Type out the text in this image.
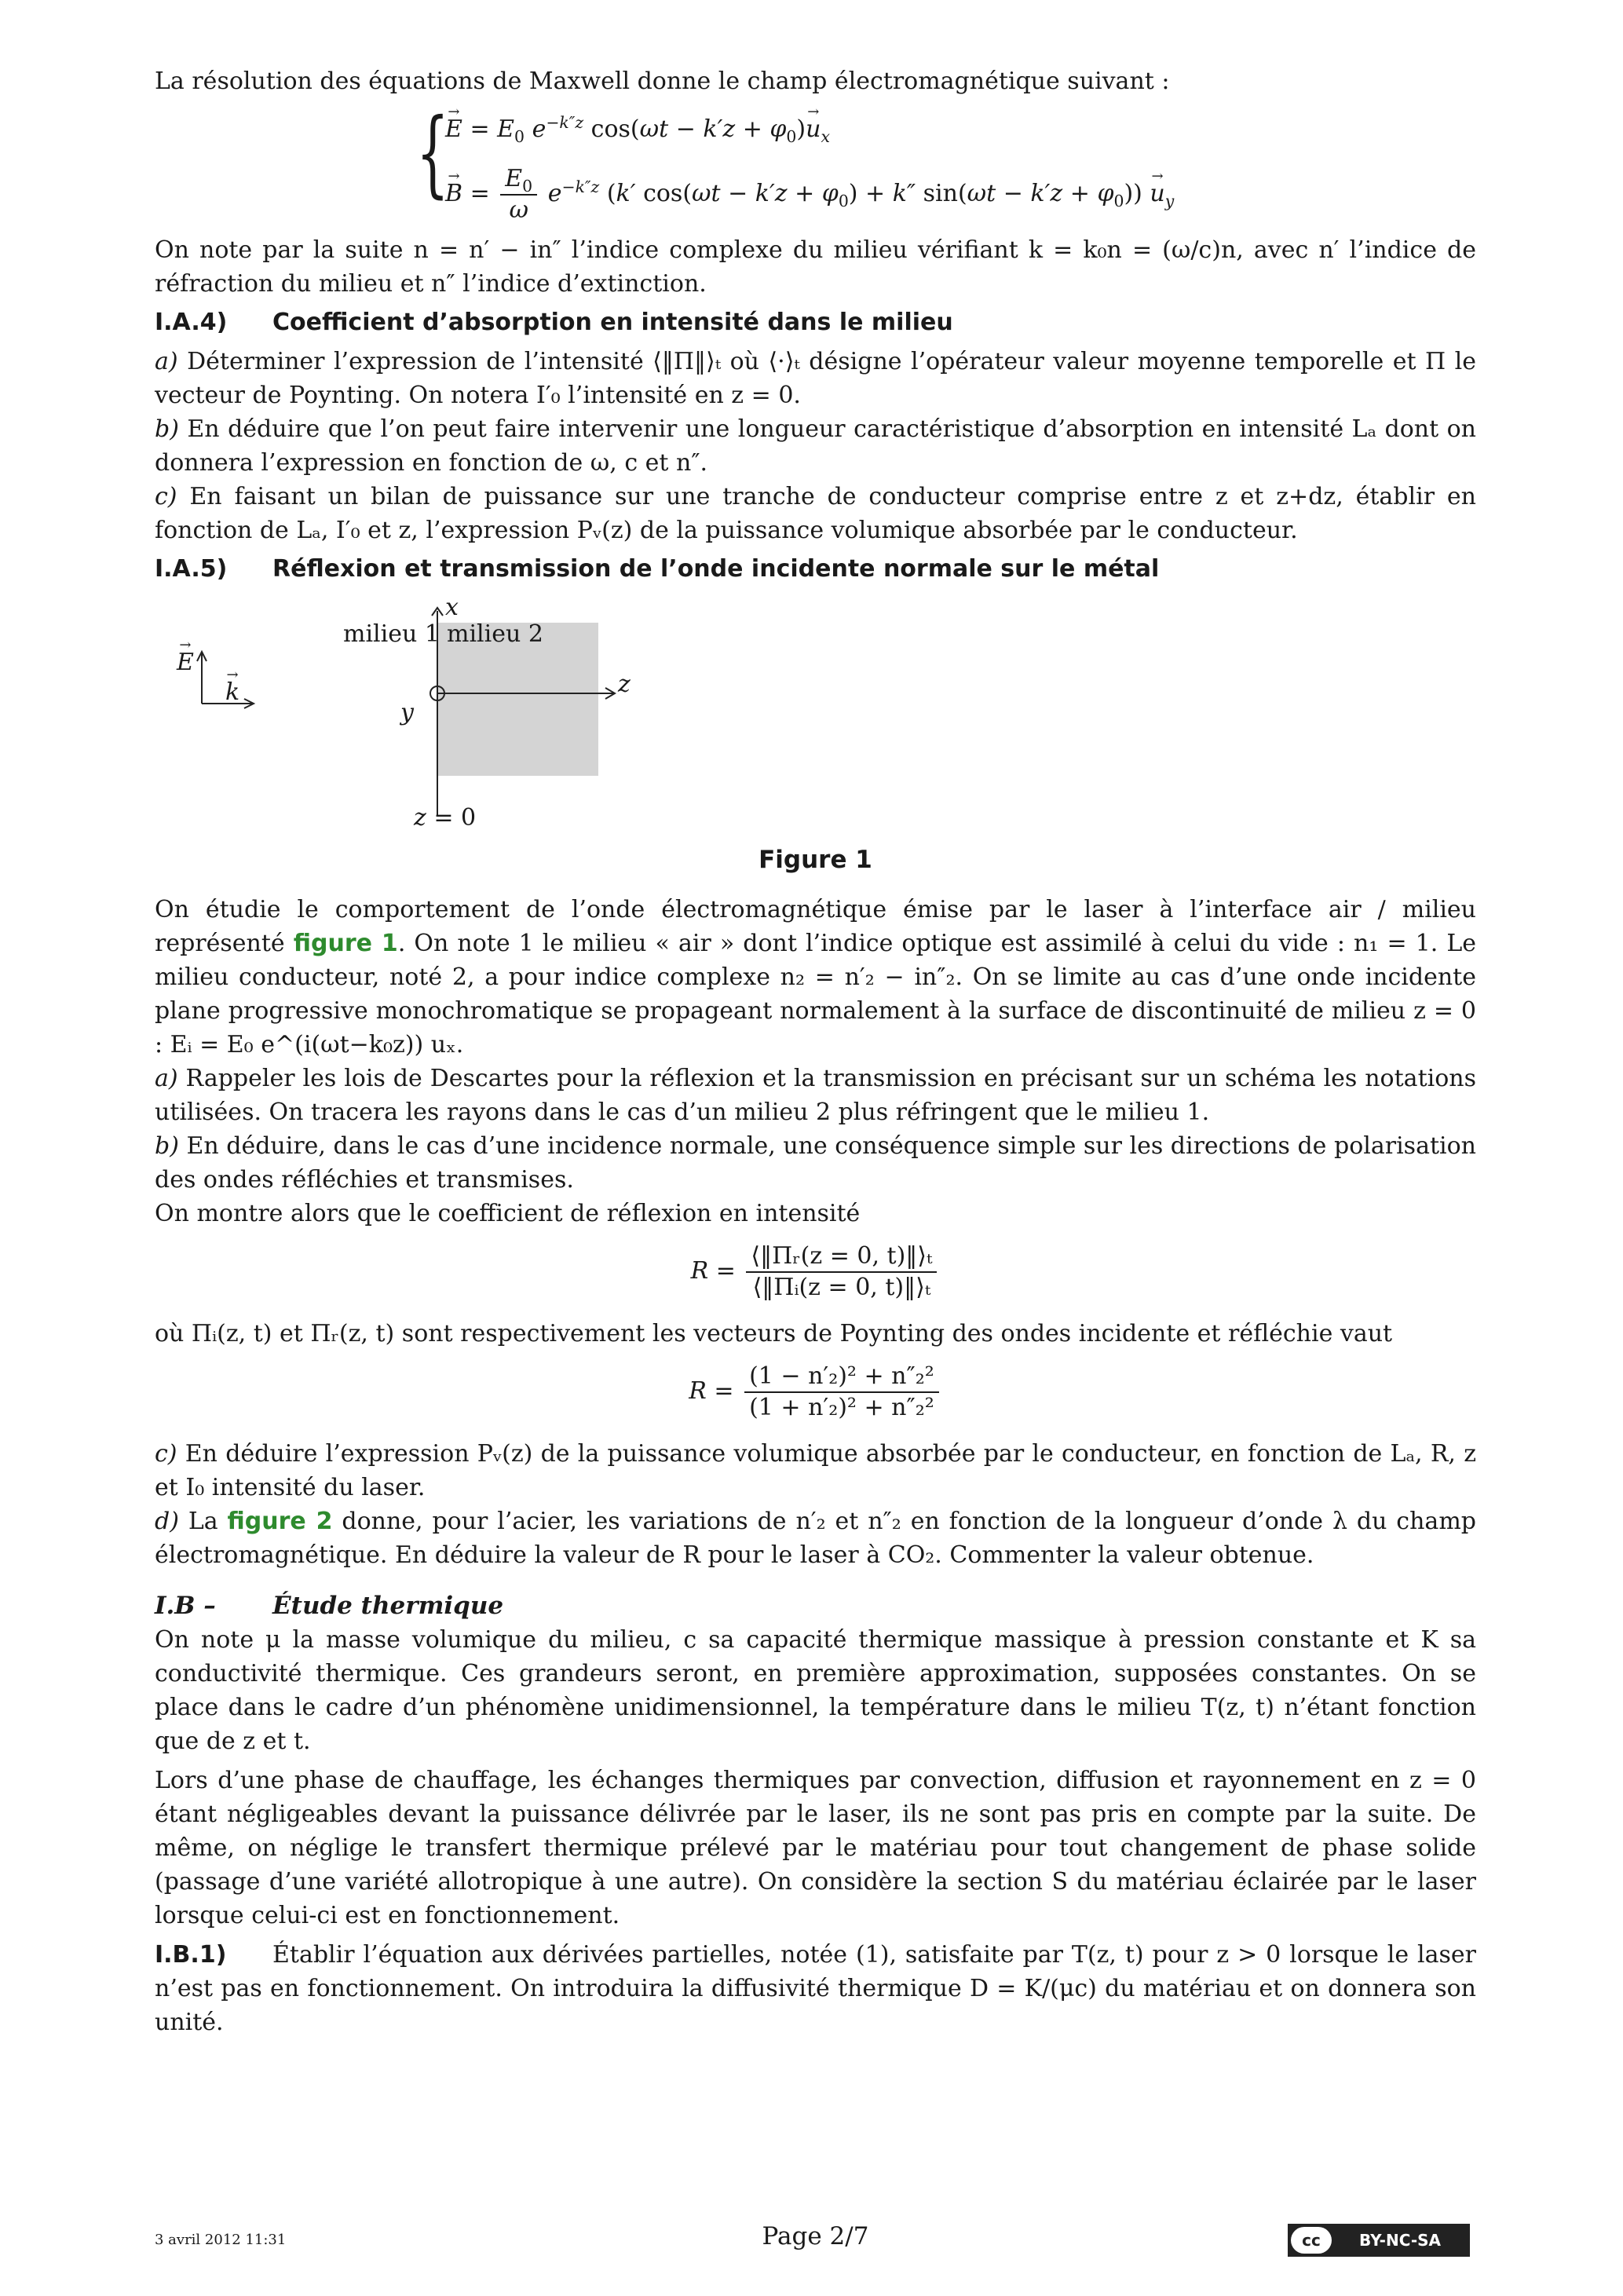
La résolution des équations de Maxwell donne le champ électromagnétique suivant :

{
→ $E = E_0$ $e^{-k''z}$ $\cos(\omega t - k'z + \varphi_0)\to u_x$
→ $B = \frac{E_0}{\omega} e^{-k''z}$ (k′ $\cos(\omega t - k'z + \varphi_0) + k''$ $\sin(\omega t - k'z + \varphi_0)) \to u_y$

On note par la suite n = n′ − in″ l’indice complexe du milieu vérifiant k = k₀n = (ω/c)n, avec n′ l’indice de réfraction du milieu et n″ l’indice d’extinction.

I.A.4) Coefficient d’absorption en intensité dans le milieu

a) Déterminer l’expression de l’intensité ⟨‖Π‖⟩ₜ où ⟨·⟩ₜ désigne l’opérateur valeur moyenne temporelle et Π le vecteur de Poynting. On notera I′₀ l’intensité en z = 0.

b) En déduire que l’on peut faire intervenir une longueur caractéristique d’absorption en intensité Lₐ dont on donnera l’expression en fonction de ω, c et n″.

c) En faisant un bilan de puissance sur une tranche de conducteur comprise entre z et z+dz, établir en fonction de Lₐ, I′₀ et z, l’expression Pᵥ(z) de la puissance volumique absorbée par le conducteur.

I.A.5) Réflexion et transmission de l’onde incidente normale sur le métal
x
milieu 1 milieu 2
z
y
→ E
→ k
z = 0
Figure 1

On étudie le comportement de l’onde électromagnétique émise par le laser à l’interface air / milieu représenté figure 1. On note 1 le milieu « air » dont l’indice optique est assimilé à celui du vide : n₁ = 1. Le milieu conducteur, noté 2, a pour indice complexe n₂ = n′₂ − in″₂. On se limite au cas d’une onde incidente plane progressive monochromatique se propageant normalement à la surface de discontinuité de milieu z = 0 : Eᵢ = E₀ e^(i(ωt−k₀z)) uₓ.

a) Rappeler les lois de Descartes pour la réflexion et la transmission en précisant sur un schéma les notations utilisées. On tracera les rayons dans le cas d’un milieu 2 plus réfringent que le milieu 1.

b) En déduire, dans le cas d’une incidence normale, une conséquence simple sur les directions de polarisation des ondes réfléchies et transmises.

On montre alors que le coefficient de réflexion en intensité

$R = \frac{\text{⟨‖Πᵣ(z = 0, t)‖⟩ₜ}}{\text{⟨‖Πᵢ(z = 0, t)‖⟩ₜ}}$

où Πᵢ(z, t) et Πᵣ(z, t) sont respectivement les vecteurs de Poynting des ondes incidente et réfléchie vaut

$R = \frac{\text{(1 − n′₂)² + n″₂²}}{\text{(1 + n′₂)² + n″₂²}}$

c) En déduire l’expression Pᵥ(z) de la puissance volumique absorbée par le conducteur, en fonction de Lₐ, R, z et I₀ intensité du laser.

d) La figure 2 donne, pour l’acier, les variations de n′₂ et n″₂ en fonction de la longueur d’onde λ du champ électromagnétique. En déduire la valeur de R pour le laser à CO₂. Commenter la valeur obtenue.

I.B – Étude thermique

On note μ la masse volumique du milieu, c sa capacité thermique massique à pression constante et K sa conductivité thermique. Ces grandeurs seront, en première approximation, supposées constantes. On se place dans le cadre d’un phénomène unidimensionnel, la température dans le milieu T(z, t) n’étant fonction que de z et t.

Lors d’une phase de chauffage, les échanges thermiques par convection, diffusion et rayonnement en z = 0 étant négligeables devant la puissance délivrée par le laser, ils ne sont pas pris en compte par la suite. De même, on néglige le transfert thermique prélevé par le matériau pour tout changement de phase solide (passage d’une variété allotropique à une autre). On considère la section S du matériau éclairée par le laser lorsque celui-ci est en fonctionnement.

I.B.1) Établir l’équation aux dérivées partielles, notée (1), satisfaite par T(z, t) pour z > 0 lorsque le laser n’est pas en fonctionnement. On introduira la diffusivité thermique D = K/(μc) du matériau et on donnera son unité.

3 avril 2012 11:31	Page 2/7	cc	BY-NC-SA
